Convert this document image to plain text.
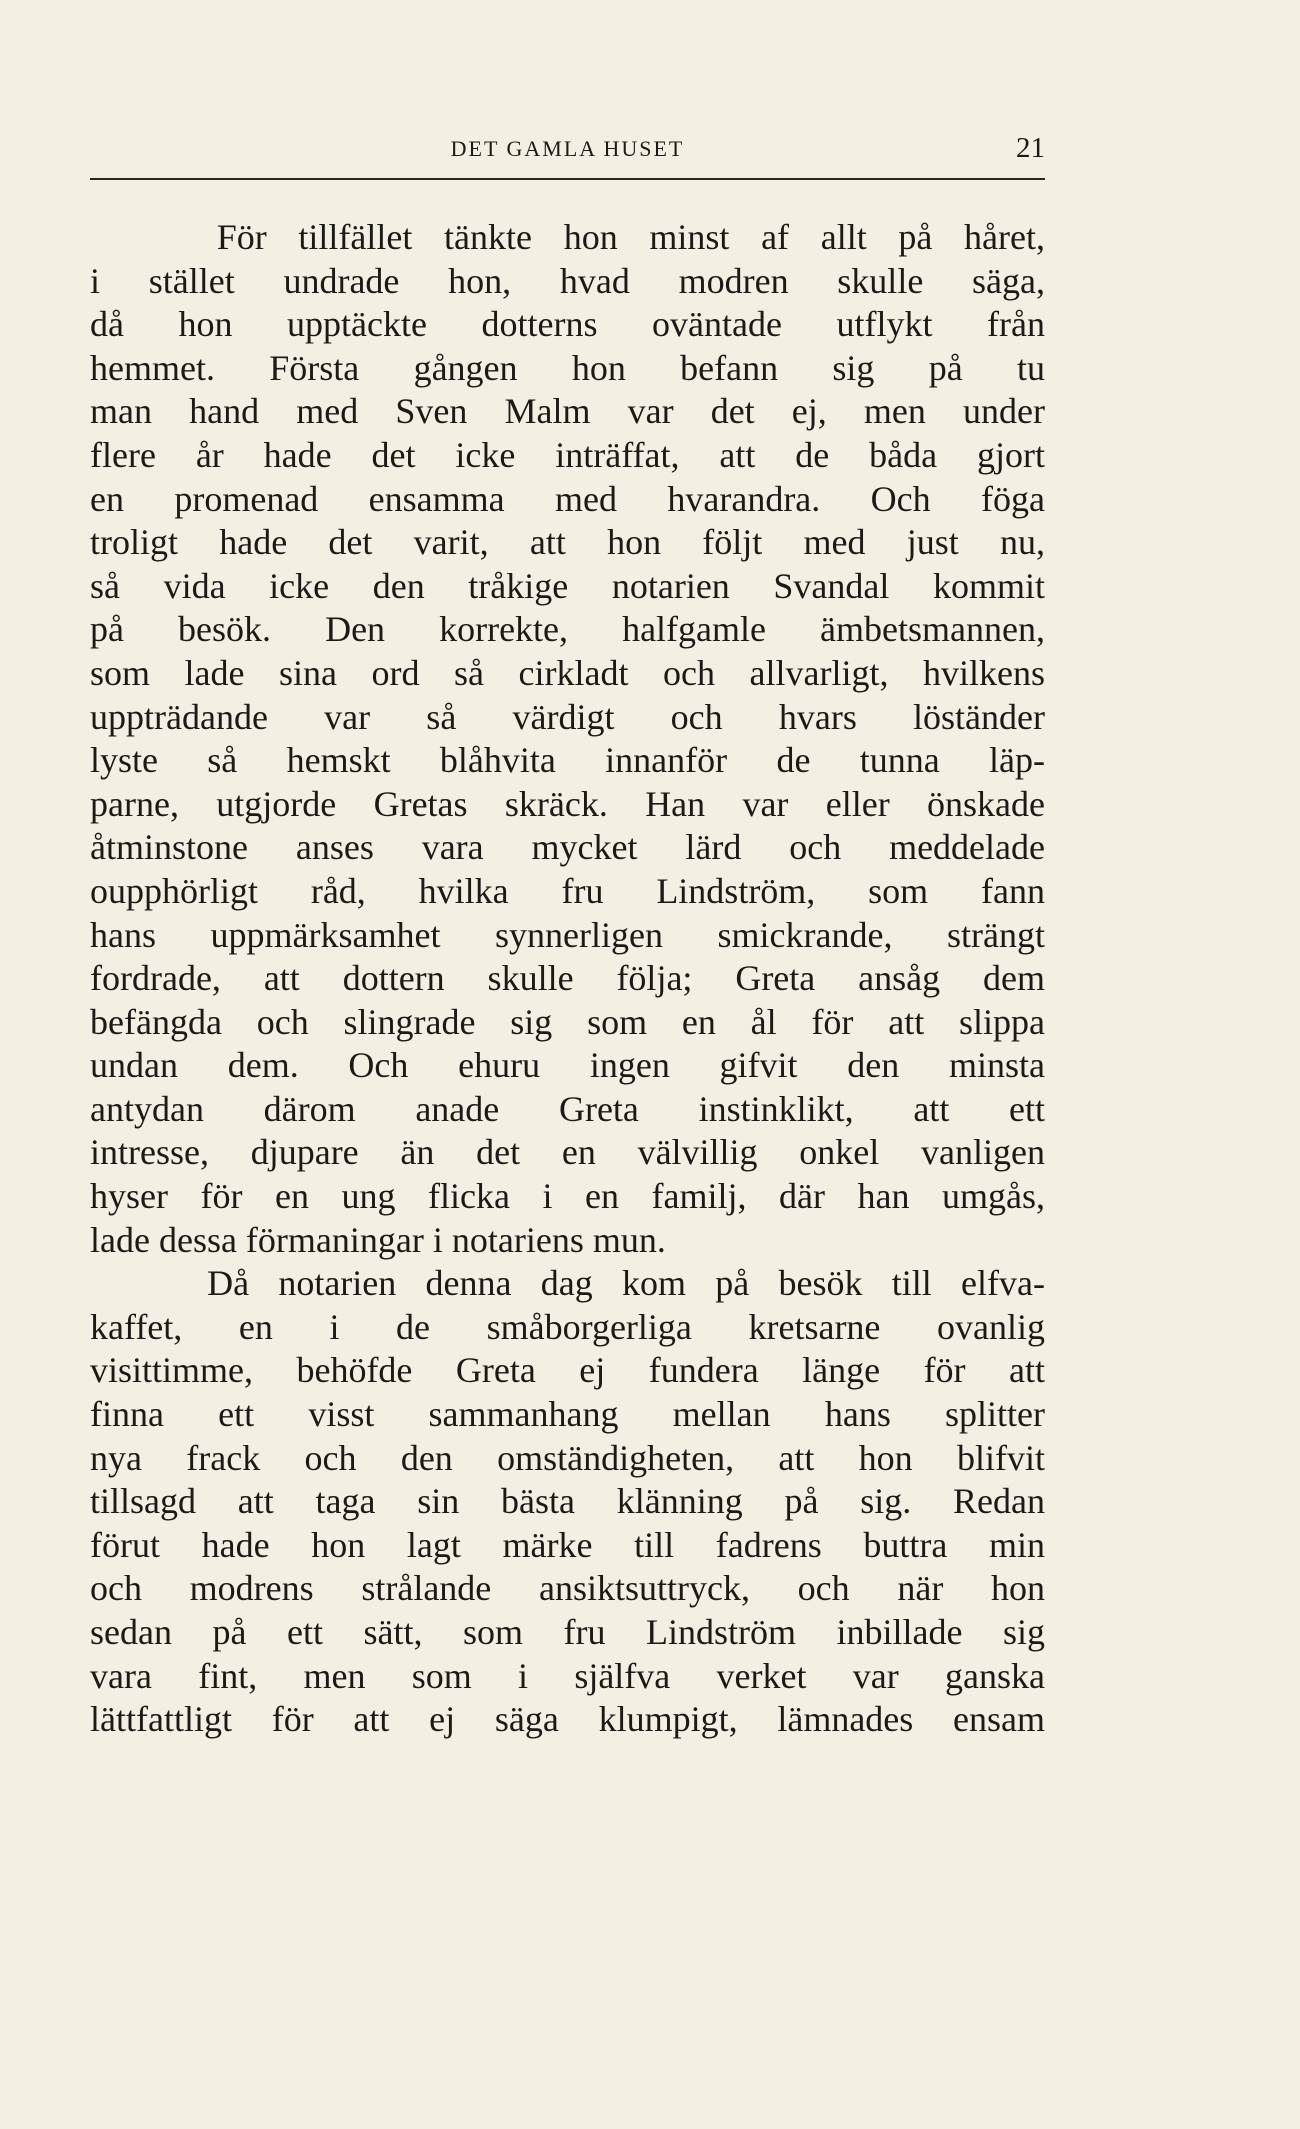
DET GAMLA HUSET	21
För tillfället tänkte hon minst af allt på håret,
i stället undrade hon, hvad modren skulle säga,
då hon upptäckte dotterns oväntade utflykt från
hemmet. Första gången hon befann sig på tu
man hand med Sven Malm var det ej, men under
flere år hade det icke inträffat, att de båda gjort
en promenad ensamma med hvarandra. Och föga
troligt hade det varit, att hon följt med just nu,
så vida icke den tråkige notarien Svandal kommit
på besök. Den korrekte, halfgamle ämbetsmannen,
som lade sina ord så cirkladt och allvarligt, hvilkens
uppträdande var så värdigt och hvars löständer
lyste så hemskt blåhvita innanför de tunna läp-
parne, utgjorde Gretas skräck. Han var eller önskade
åtminstone anses vara mycket lärd och meddelade
oupphörligt råd, hvilka fru Lindström, som fann
hans uppmärksamhet synnerligen smickrande, strängt
fordrade, att dottern skulle följa; Greta ansåg dem
befängda och slingrade sig som en ål för att slippa
undan dem. Och ehuru ingen gifvit den minsta
antydan därom anade Greta instinklikt, att ett
intresse, djupare än det en välvillig onkel vanligen
hyser för en ung flicka i en familj, där han umgås,
lade dessa förmaningar i notariens mun.
Då notarien denna dag kom på besök till elfva-
kaffet, en i de småborgerliga kretsarne ovanlig
visittimme, behöfde Greta ej fundera länge för att
finna ett visst sammanhang mellan hans splitter
nya frack och den omständigheten, att hon blifvit
tillsagd att taga sin bästa klänning på sig. Redan
förut hade hon lagt märke till fadrens buttra min
och modrens strålande ansiktsuttryck, och när hon
sedan på ett sätt, som fru Lindström inbillade sig
vara fint, men som i själfva verket var ganska
lättfattligt för att ej säga klumpigt, lämnades ensam
